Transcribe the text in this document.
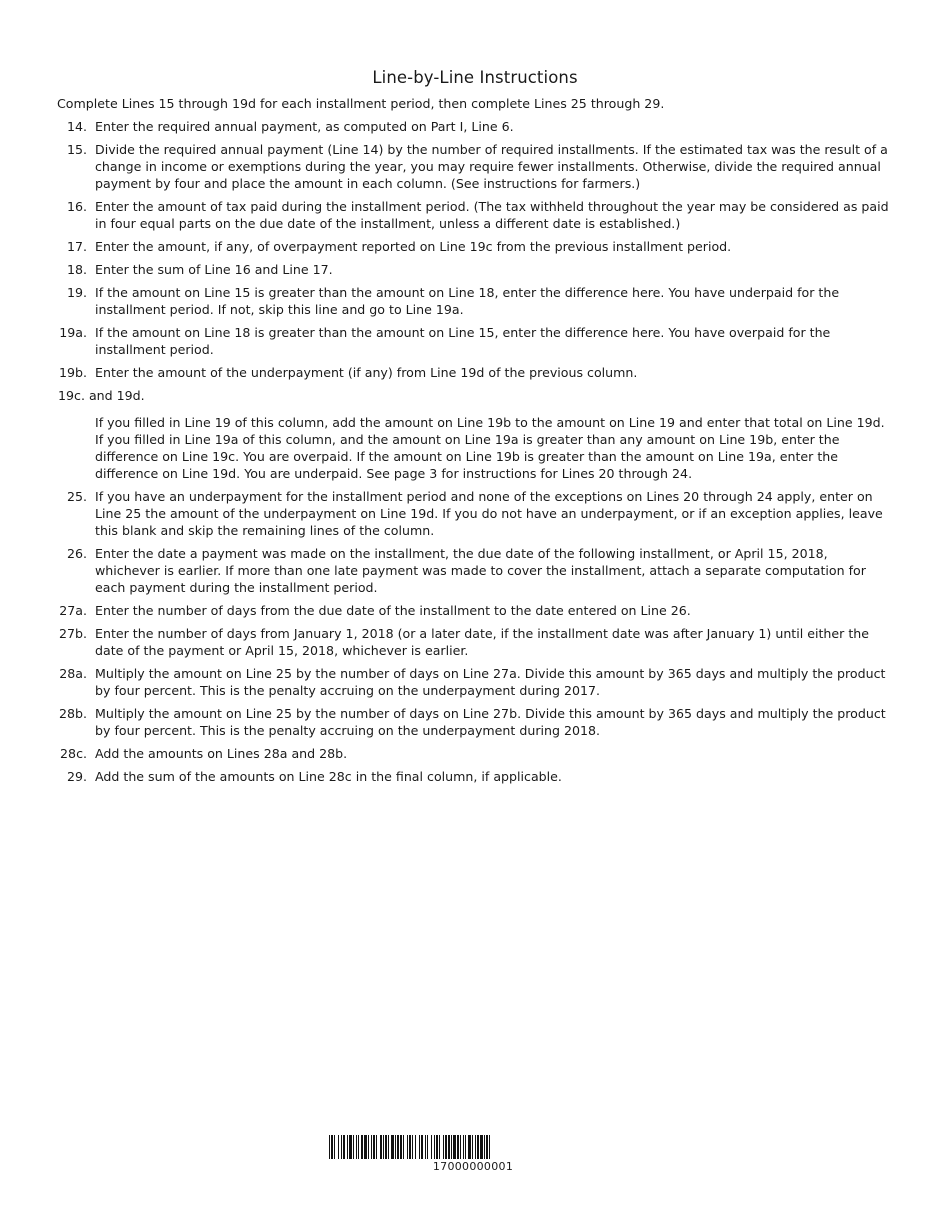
Line-by-Line Instructions
Complete Lines 15 through 19d for each installment period, then complete Lines 25 through 29.
14. Enter the required annual payment, as computed on Part I, Line 6.
15. Divide the required annual payment (Line 14) by the number of required installments. If the estimated tax was the result of a change in income or exemptions during the year, you may require fewer installments. Otherwise, divide the required annual payment by four and place the amount in each column. (See instructions for farmers.)
16. Enter the amount of tax paid during the installment period. (The tax withheld throughout the year may be considered as paid in four equal parts on the due date of the installment, unless a different date is established.)
17. Enter the amount, if any, of overpayment reported on Line 19c from the previous installment period.
18. Enter the sum of Line 16 and Line 17.
19. If the amount on Line 15 is greater than the amount on Line 18, enter the difference here. You have underpaid for the installment period. If not, skip this line and go to Line 19a.
19a. If the amount on Line 18 is greater than the amount on Line 15, enter the difference here. You have overpaid for the installment period.
19b. Enter the amount of the underpayment (if any) from Line 19d of the previous column.
19c. and 19d.
If you filled in Line 19 of this column, add the amount on Line 19b to the amount on Line 19 and enter that total on Line 19d. If you filled in Line 19a of this column, and the amount on Line 19a is greater than any amount on Line 19b, enter the difference on Line 19c. You are overpaid. If the amount on Line 19b is greater than the amount on Line 19a, enter the difference on Line 19d. You are underpaid. See page 3 for instructions for Lines 20 through 24.
25. If you have an underpayment for the installment period and none of the exceptions on Lines 20 through 24 apply, enter on Line 25 the amount of the underpayment on Line 19d. If you do not have an underpayment, or if an exception applies, leave this blank and skip the remaining lines of the column.
26. Enter the date a payment was made on the installment, the due date of the following installment, or April 15, 2018, whichever is earlier. If more than one late payment was made to cover the installment, attach a separate computation for each payment during the installment period.
27a. Enter the number of days from the due date of the installment to the date entered on Line 26.
27b. Enter the number of days from January 1, 2018 (or a later date, if the installment date was after January 1) until either the date of the payment or April 15, 2018, whichever is earlier.
28a. Multiply the amount on Line 25 by the number of days on Line 27a. Divide this amount by 365 days and multiply the product by four percent. This is the penalty accruing on the underpayment during 2017.
28b. Multiply the amount on Line 25 by the number of days on Line 27b. Divide this amount by 365 days and multiply the product by four percent. This is the penalty accruing on the underpayment during 2018.
28c. Add the amounts on Lines 28a and 28b.
29. Add the sum of the amounts on Line 28c in the final column, if applicable.
17000000001
